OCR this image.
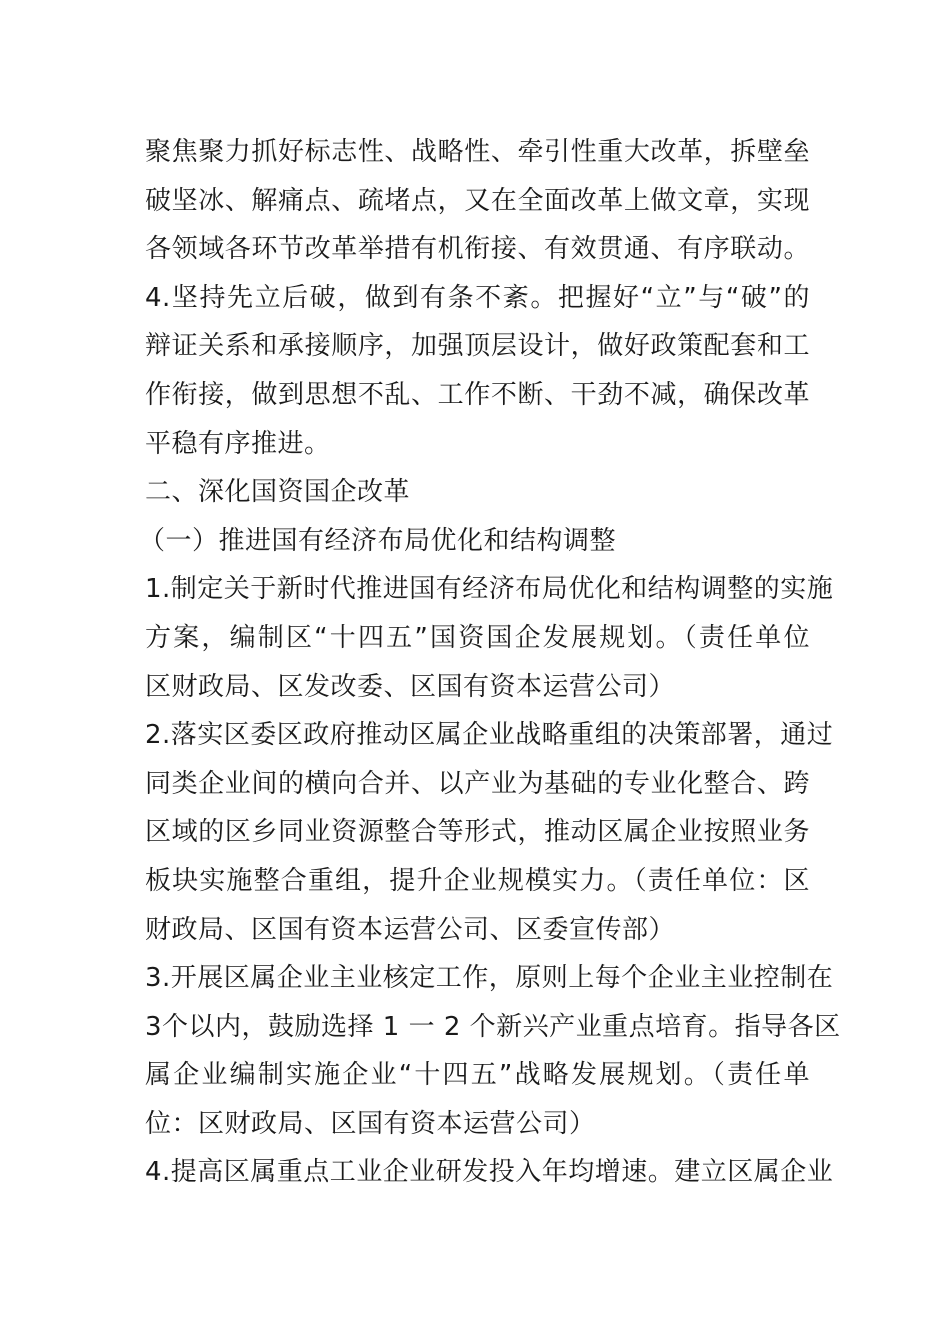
聚焦聚力抓好标志性、战略性、牵引性重大改革，拆壁垒
破坚冰、解痛点、疏堵点，又在全面改革上做文章，实现
各领域各环节改革举措有机衔接、有效贯通、有序联动。
4.坚持先立后破，做到有条不紊。把握好“立”与“破”的
辩证关系和承接顺序，加强顶层设计，做好政策配套和工
作衔接，做到思想不乱、工作不断、干劲不减，确保改革
平稳有序推进。
二、深化国资国企改革
（一）推进国有经济布局优化和结构调整
1.制定关于新时代推进国有经济布局优化和结构调整的实施
方案，编制区“十四五”国资国企发展规划。（责任单位
区财政局、区发改委、区国有资本运营公司）
2.落实区委区政府推动区属企业战略重组的决策部署，通过
同类企业间的横向合并、以产业为基础的专业化整合、跨
区域的区乡同业资源整合等形式，推动区属企业按照业务
板块实施整合重组，提升企业规模实力。（责任单位：区
财政局、区国有资本运营公司、区委宣传部）
3.开展区属企业主业核定工作，原则上每个企业主业控制在
3个以内，鼓励选择 1 一 2 个新兴产业重点培育。指导各区
属企业编制实施企业“十四五”战略发展规划。（责任单
位：区财政局、区国有资本运营公司）
4.提高区属重点工业企业研发投入年均增速。建立区属企业
